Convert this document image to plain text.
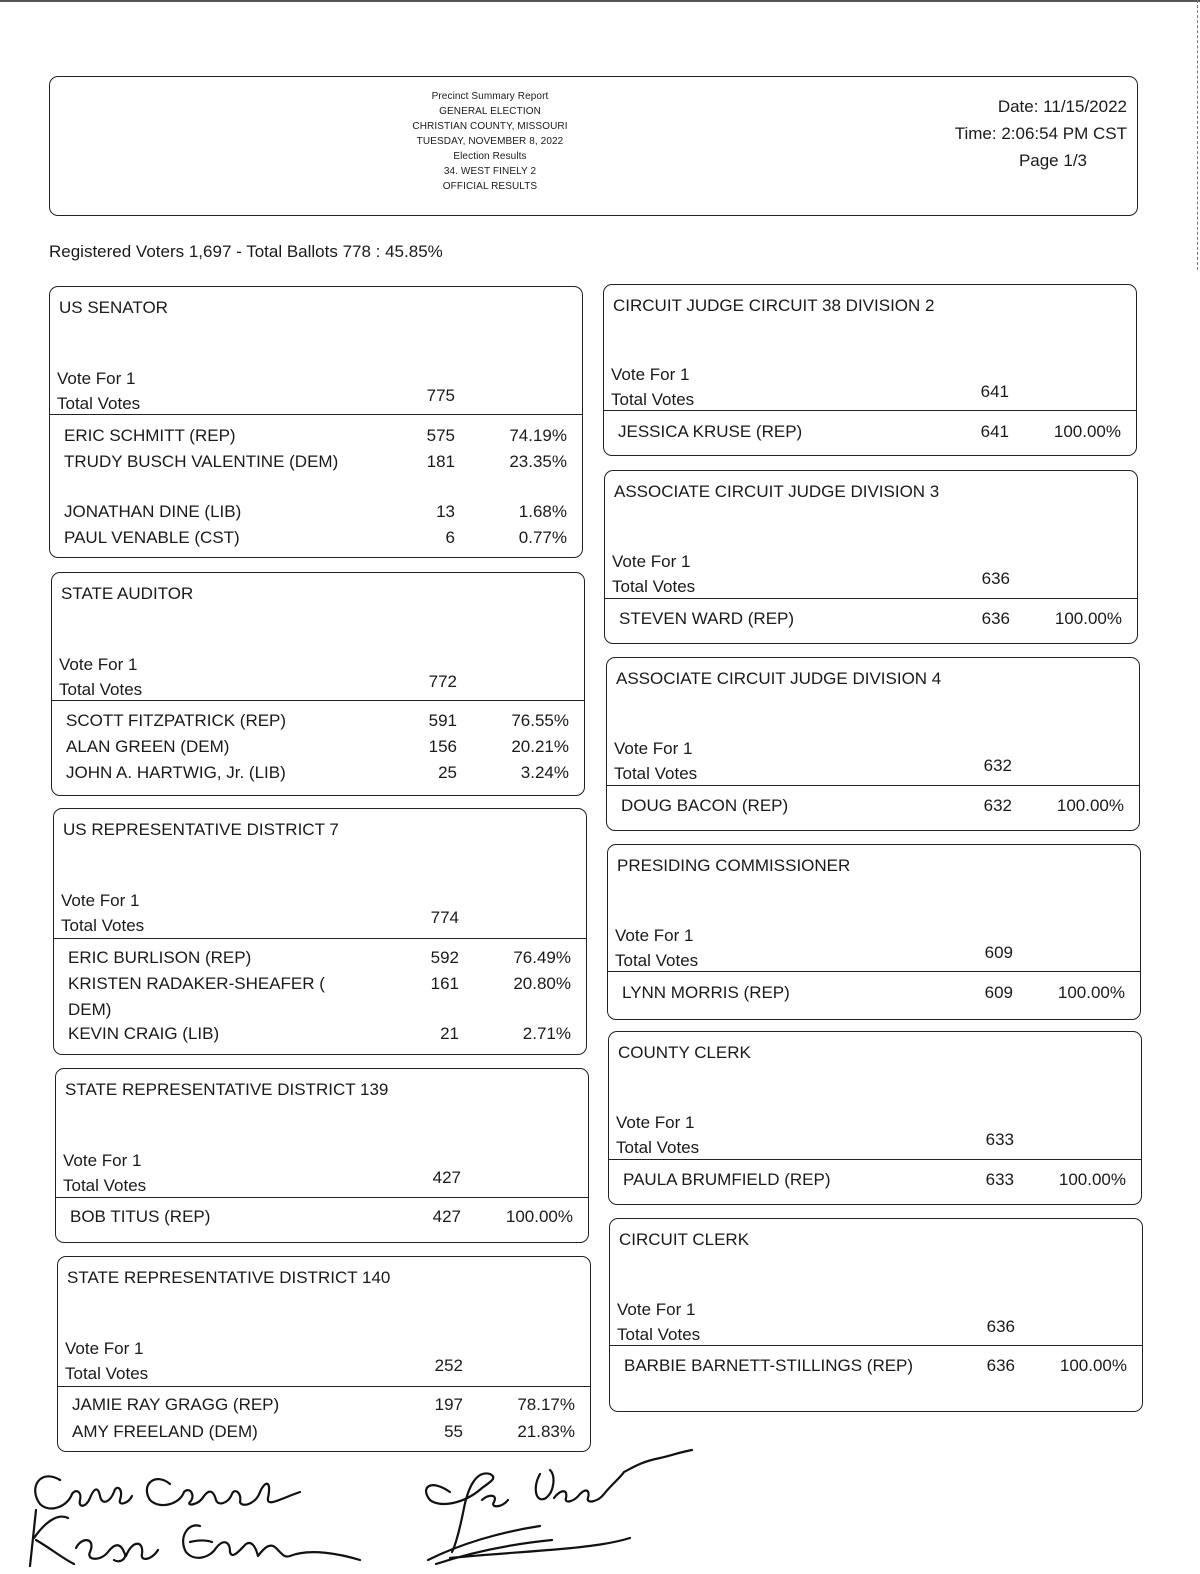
Precinct Summary Report
GENERAL ELECTION
CHRISTIAN COUNTY, MISSOURI
TUESDAY, NOVEMBER 8, 2022
Election Results
34. WEST FINELY 2
OFFICIAL RESULTS
Date: 11/15/2022
Time: 2:06:54 PM CST
Page 1/3
Registered Voters 1,697 - Total Ballots 778 : 45.85%
US SENATOR
Vote For 1
Total Votes	775
ERIC SCHMITT (REP)	575	74.19%
TRUDY BUSCH VALENTINE (DEM)	181	23.35%
JONATHAN DINE (LIB)	13	1.68%
PAUL VENABLE (CST)	6	0.77%
STATE AUDITOR
Vote For 1
Total Votes	772
SCOTT FITZPATRICK (REP)	591	76.55%
ALAN GREEN (DEM)	156	20.21%
JOHN A. HARTWIG, Jr. (LIB)	25	3.24%
US REPRESENTATIVE DISTRICT 7
Vote For 1
Total Votes	774
ERIC BURLISON (REP)	592	76.49%
KRISTEN RADAKER-SHEAFER ( DEM)
161	20.80%
KEVIN CRAIG (LIB)	21	2.71%
STATE REPRESENTATIVE DISTRICT 139
Vote For 1
Total Votes	427
BOB TITUS (REP)	427	100.00%
STATE REPRESENTATIVE DISTRICT 140
Vote For 1
Total Votes	252
JAMIE RAY GRAGG (REP)	197	78.17%
AMY FREELAND (DEM)	55	21.83%
CIRCUIT JUDGE CIRCUIT 38 DIVISION 2
Vote For 1
Total Votes	641
JESSICA KRUSE (REP)	641	100.00%
ASSOCIATE CIRCUIT JUDGE DIVISION 3
Vote For 1
Total Votes	636
STEVEN WARD (REP)	636	100.00%
ASSOCIATE CIRCUIT JUDGE DIVISION 4
Vote For 1
Total Votes	632
DOUG BACON (REP)	632	100.00%
PRESIDING COMMISSIONER
Vote For 1
Total Votes	609
LYNN MORRIS (REP)	609	100.00%
COUNTY CLERK
Vote For 1
Total Votes	633
PAULA BRUMFIELD (REP)	633	100.00%
CIRCUIT CLERK
Vote For 1
Total Votes	636
BARBIE BARNETT-STILLINGS (REP)	636	100.00%
